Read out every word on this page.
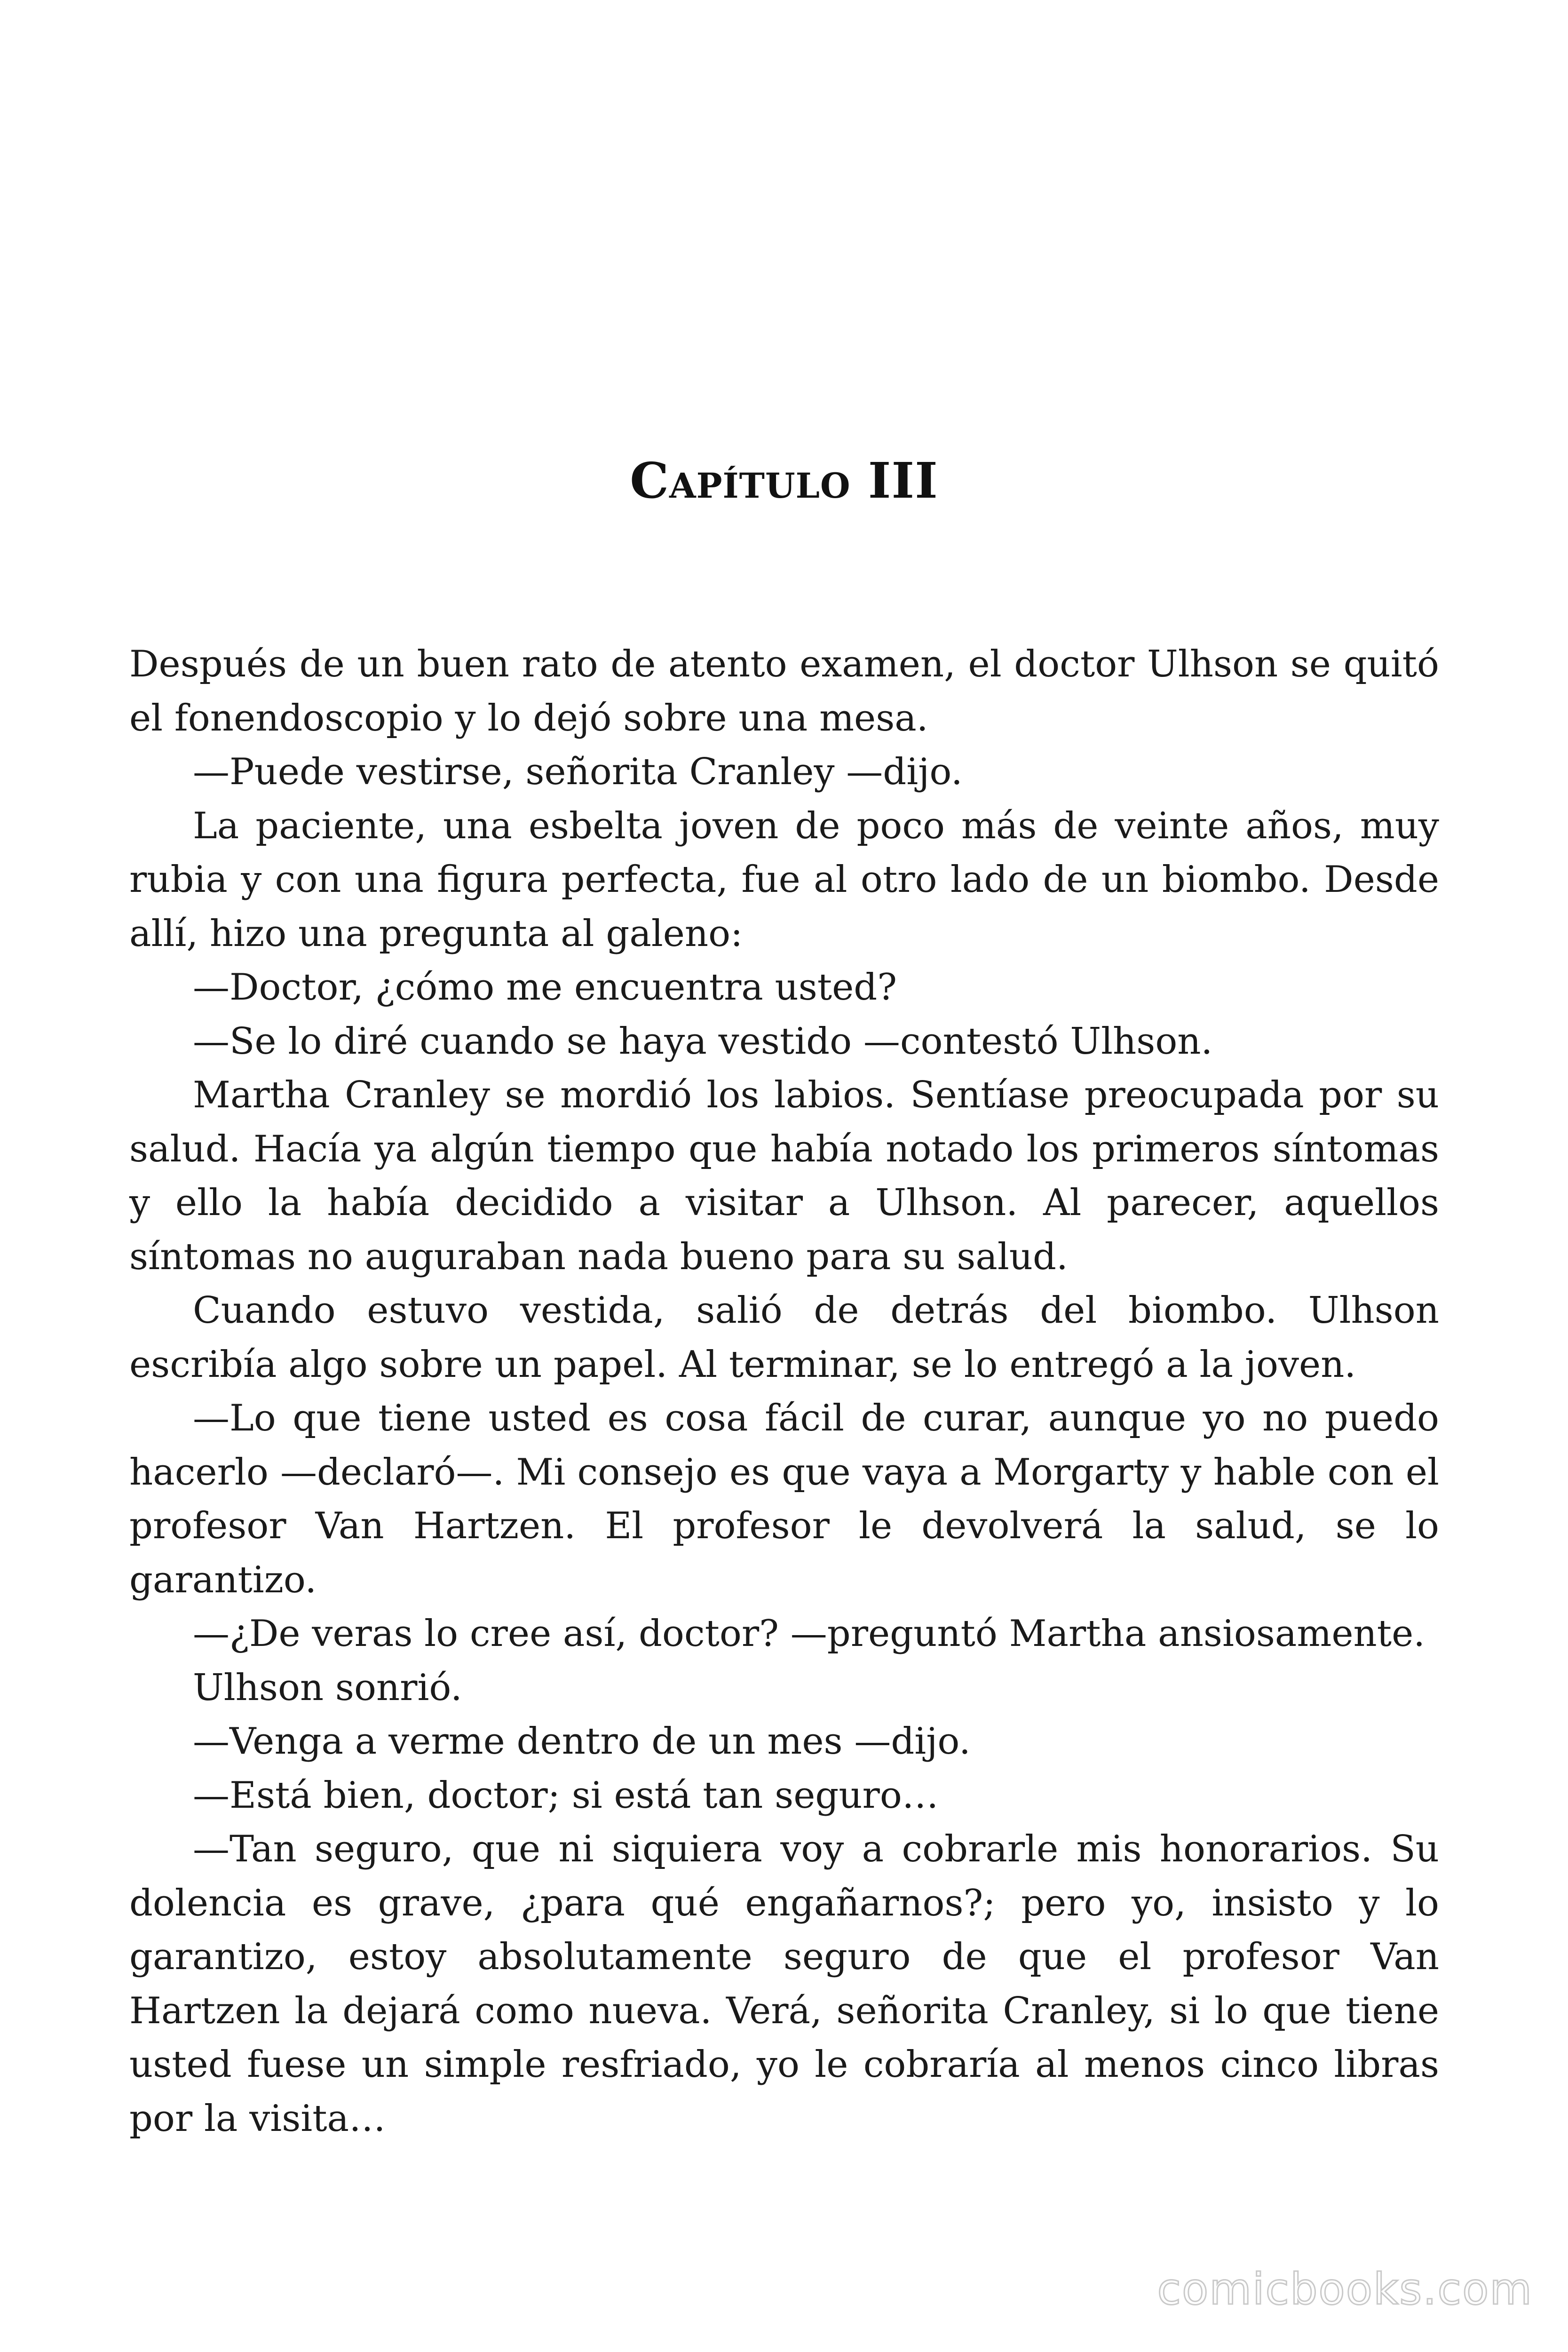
Capítulo III

Después de un buen rato de atento examen, el doctor Ulhson se quitó el fonendoscopio y lo dejó sobre una mesa.

—Puede vestirse, señorita Cranley —dijo.

La paciente, una esbelta joven de poco más de veinte años, muy rubia y con una figura perfecta, fue al otro lado de un biombo. Desde allí, hizo una pregunta al galeno:

—Doctor, ¿cómo me encuentra usted?

—Se lo diré cuando se haya vestido —contestó Ulhson.

Martha Cranley se mordió los labios. Sentíase preocupada por su salud. Hacía ya algún tiempo que había notado los primeros síntomas y ello la había decidido a visitar a Ulhson. Al parecer, aquellos síntomas no auguraban nada bueno para su salud.

Cuando estuvo vestida, salió de detrás del biombo. Ulhson escribía algo sobre un papel. Al terminar, se lo entregó a la joven.

—Lo que tiene usted es cosa fácil de curar, aunque yo no puedo hacerlo —declaró—. Mi consejo es que vaya a Morgarty y hable con el profesor Van Hartzen. El profesor le devolverá la salud, se lo garantizo.

—¿De veras lo cree así, doctor? —preguntó Martha ansiosamente.

Ulhson sonrió.

—Venga a verme dentro de un mes —dijo.

—Está bien, doctor; si está tan seguro…

—Tan seguro, que ni siquiera voy a cobrarle mis honorarios. Su dolencia es grave, ¿para qué engañarnos?; pero yo, insisto y lo garantizo, estoy absolutamente seguro de que el profesor Van Hartzen la dejará como nueva. Verá, señorita Cranley, si lo que tiene usted fuese un simple resfriado, yo le cobraría al menos cinco libras por la visita…

comicbooks.com
